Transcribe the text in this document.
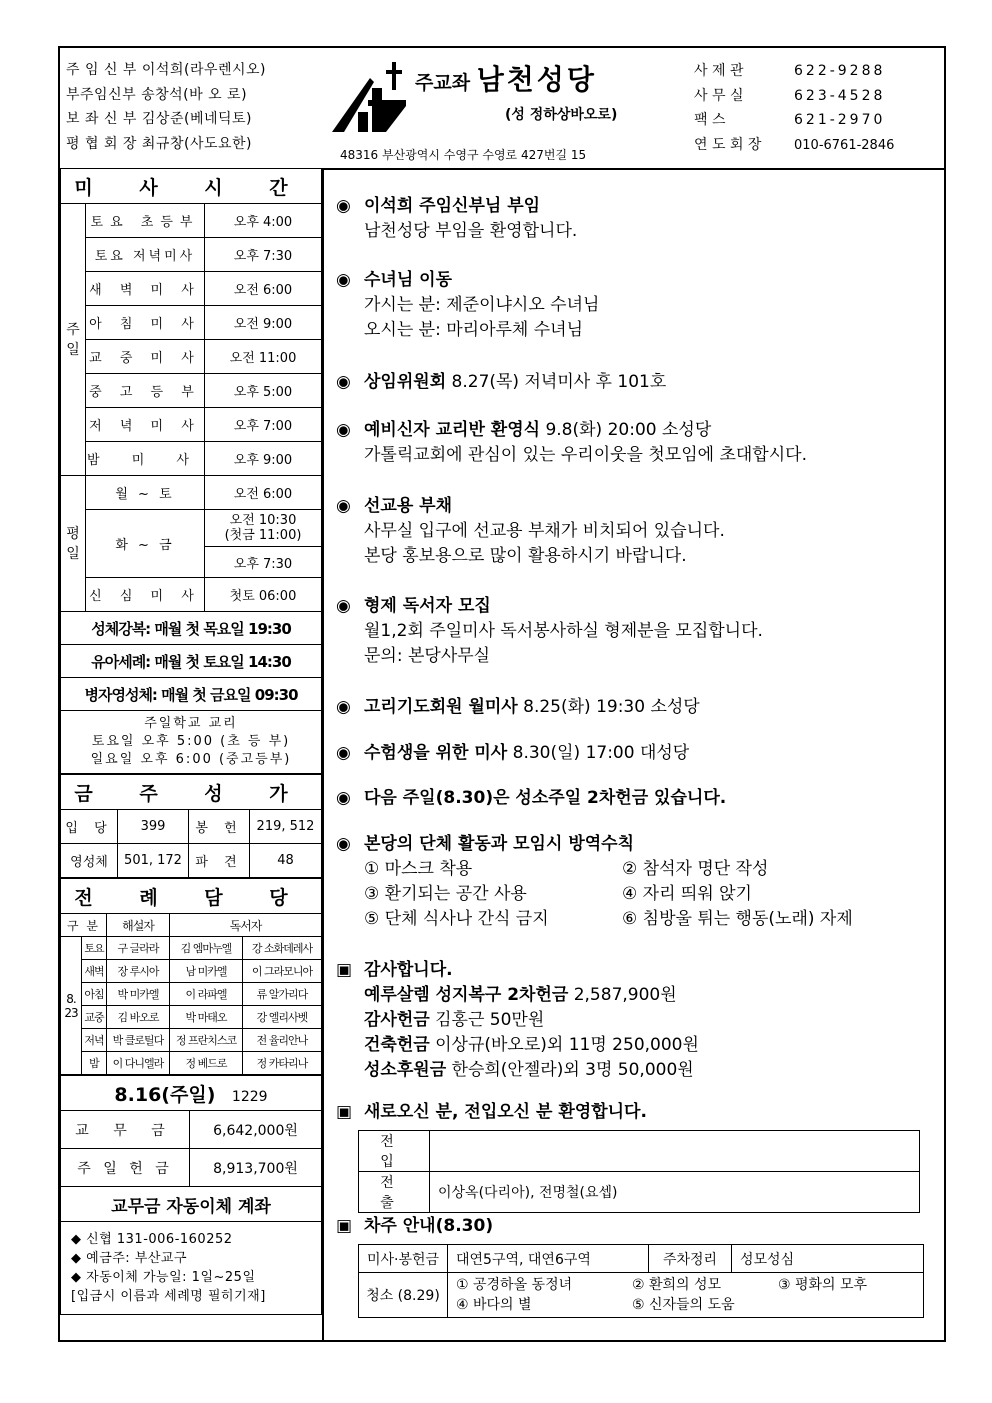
주 임 신 부 이석희(라우렌시오)
부주임신부 송창석(바 오 로)
보 좌 신 부 김상준(베네딕토)
평 협 회 장 최규창(사도요한)
주교좌 남천성당
(성 정하상바오로)
48316 부산광역시 수영구 수영로 427번길 15
사 제 관	622-9288
사 무 실	623-4528
팩 스	621-2970
연 도 회 장	010-6761-2846
미 사 시 간		
주 일	토요 초등부	오후 4:00
	토요 저녁미사	오후 7:30
	새 벽 미 사	오전 6:00
	아 침 미 사	오전 9:00
	교 중 미 사	오전 11:00
	중 고 등 부	오후 5:00
	저 녁 미 사	오후 7:00
	밤 미 사	오후 9:00
평 일	월 ~ 토	오전 6:00
	화 ~ 금	오전 10:30
(첫금 11:00)
		오후 7:30
	신 심 미 사	첫토 06:00
성체강복: 매월 첫 목요일 19:30		
유아세례: 매월 첫 토요일 14:30		
병자영성체: 매월 첫 금요일 09:30		
주일학교 교리
토요일 오후 5:00 (초 등 부)
일요일 오후 6:00 (중고등부)		
금 주 성 가			
입 당	399	봉 헌	219, 512
영성체	501, 172	파 견	48
전 례 담 당				
구 분		해설자	독서자	
8. 23	토요	구 글라라	김 엠마누엘	강 소화데레사
	새벽	장 루시아	남 미카엘	이 그라모니아
	아침	박 미카엘	이 라파엘	류 알가리다
	교중	김 바오로	박 마태오	강 엘리사벳
	저녁	박 클로틸다	정 프란치스코	전 율리안나
	밤	이 다니엘라	정 베드로	정 카타리나
8.16(주일) 1229	
교 무 금	6,642,000원
주 일 헌 금	8,913,700원
교무금 자동이체 계좌	

◆ 신협 131-006-160252
◆ 예금주: 부산교구
◆ 자동이체 가능일: 1일~25일
[입금시 이름과 세례명 필히기재]	
◉ 이석희 주임신부님 부임
남천성당 부임을 환영합니다.
◉ 수녀님 이동
가시는 분: 제준이냐시오 수녀님
오시는 분: 마리아루체 수녀님
◉ 상임위원회 8.27(목) 저녁미사 후 101호
◉ 예비신자 교리반 환영식 9.8(화) 20:00 소성당
가톨릭교회에 관심이 있는 우리이웃을 첫모임에 초대합시다.
◉ 선교용 부채
사무실 입구에 선교용 부채가 비치되어 있습니다.
본당 홍보용으로 많이 활용하시기 바랍니다.
◉ 형제 독서자 모집
월1,2회 주일미사 독서봉사하실 형제분을 모집합니다.
문의: 본당사무실
◉ 고리기도회원 월미사 8.25(화) 19:30 소성당
◉ 수험생을 위한 미사 8.30(일) 17:00 대성당
◉ 다음 주일(8.30)은 성소주일 2차헌금 있습니다.
◉ 본당의 단체 활동과 모임시 방역수칙
① 마스크 착용	② 참석자 명단 작성
③ 환기되는 공간 사용	④ 자리 띄워 앉기
⑤ 단체 식사나 간식 금지	⑥ 침방울 튀는 행동(노래) 자제
▣ 감사합니다.
예루살렘 성지복구 2차헌금 2,587,900원
감사헌금 김홍근 50만원
건축헌금 이상규(바오로)외 11명 250,000원
성소후원금 한승희(안젤라)외 3명 50,000원
▣ 새로오신 분, 전입오신 분 환영합니다.
전 입	
전 출	이상옥(다리아), 전명철(요셉)
▣ 차주 안내(8.30)
미사·봉헌금	대연5구역, 대연6구역	주차정리	성모성심
청소 (8.29)	① 공경하올 동정녀 ② 환희의 성모 ③ 평화의 모후
④ 바다의 별 ⑤ 신자들의 도움		
